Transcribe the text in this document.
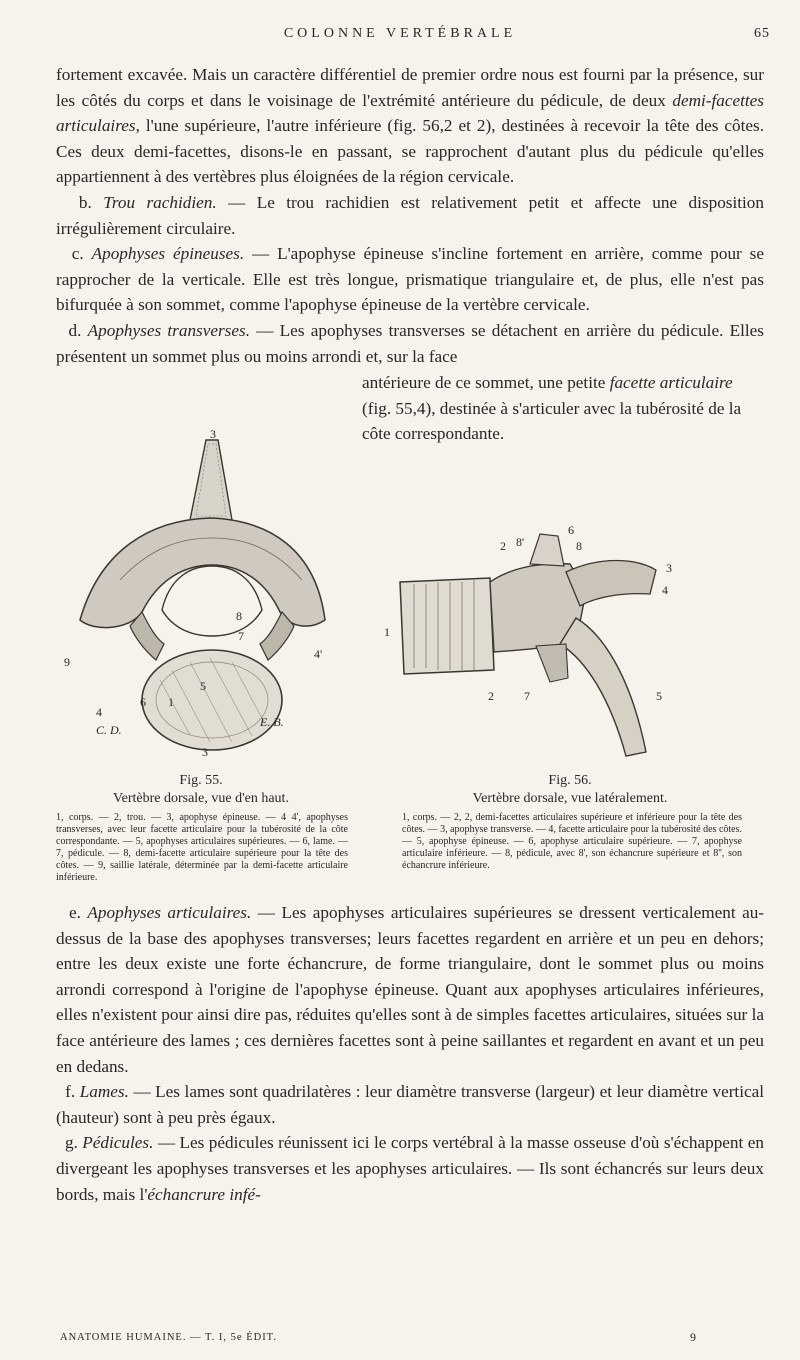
COLONNE VERTÉBRALE	65

fortement excavée. Mais un caractère différentiel de premier ordre nous est fourni par la présence, sur les côtés du corps et dans le voisinage de l'extrémité antérieure du pédicule, de deux demi-facettes articulaires, l'une supérieure, l'autre inférieure (fig. 56,2 et 2), destinées à recevoir la tête des côtes. Ces deux demi-facettes, disons-le en passant, se rapprochent d'autant plus du pédicule qu'elles appartiennent à des vertèbres plus éloignées de la région cervicale.

b. Trou rachidien. — Le trou rachidien est relativement petit et affecte une disposition irrégulièrement circulaire.

c. Apophyses épineuses. — L'apophyse épineuse s'incline fortement en arrière, comme pour se rapprocher de la verticale. Elle est très longue, prismatique triangulaire et, de plus, elle n'est pas bifurquée à son sommet, comme l'apophyse épineuse de la vertèbre cervicale.

d. Apophyses transverses. — Les apophyses transverses se détachent en arrière du pédicule. Elles présentent un sommet plus ou moins arrondi et, sur la face

antérieure de ce sommet, une petite facette articulaire (fig. 55,4), destinée à s'articuler avec la tubérosité de la côte correspondante.
3
9
8
7
4'
4
6 1
5
3
C. D.
E. B.
Fig. 55.
Vertèbre dorsale, vue d'en haut.
1, corps. — 2, trou. — 3, apophyse épineuse. — 4 4', apophyses transverses, avec leur facette articulaire pour la tubérosité de la côte correspondante. — 5, apophyses articulaires supérieures. — 6, lame. — 7, pédicule. — 8, demi-facette articulaire supérieure pour la tête des côtes. — 9, saillie latérale, déterminée par la demi-facette articulaire inférieure.
6
2 8'	8
3
4
1
2	7	5
Fig. 56.
Vertèbre dorsale, vue latéralement.
1, corps. — 2, 2, demi-facettes articulaires supérieure et inférieure pour la tête des côtes. — 3, apophyse transverse. — 4, facette articulaire pour la tubérosité des côtes. — 5, apophyse épineuse. — 6, apophyse articulaire supérieure. — 7, apophyse articulaire inférieure. — 8, pédicule, avec 8', son échancrure supérieure et 8'', son échancrure inférieure.

e. Apophyses articulaires. — Les apophyses articulaires supérieures se dressent verticalement au-dessus de la base des apophyses transverses; leurs facettes regardent en arrière et un peu en dehors; entre les deux existe une forte échancrure, de forme triangulaire, dont le sommet plus ou moins arrondi correspond à l'origine de l'apophyse épineuse. Quant aux apophyses articulaires inférieures, elles n'existent pour ainsi dire pas, réduites qu'elles sont à de simples facettes articulaires, situées sur la face antérieure des lames ; ces dernières facettes sont à peine saillantes et regardent en avant et un peu en dedans.

f. Lames. — Les lames sont quadrilatères : leur diamètre transverse (largeur) et leur diamètre vertical (hauteur) sont à peu près égaux.

g. Pédicules. — Les pédicules réunissent ici le corps vertébral à la masse osseuse d'où s'échappent en divergeant les apophyses transverses et les apophyses articulaires. — Ils sont échancrés sur leurs deux bords, mais l'échancrure infé-

ANATOMIE HUMAINE. — T. I, 5e ÉDIT.	9
